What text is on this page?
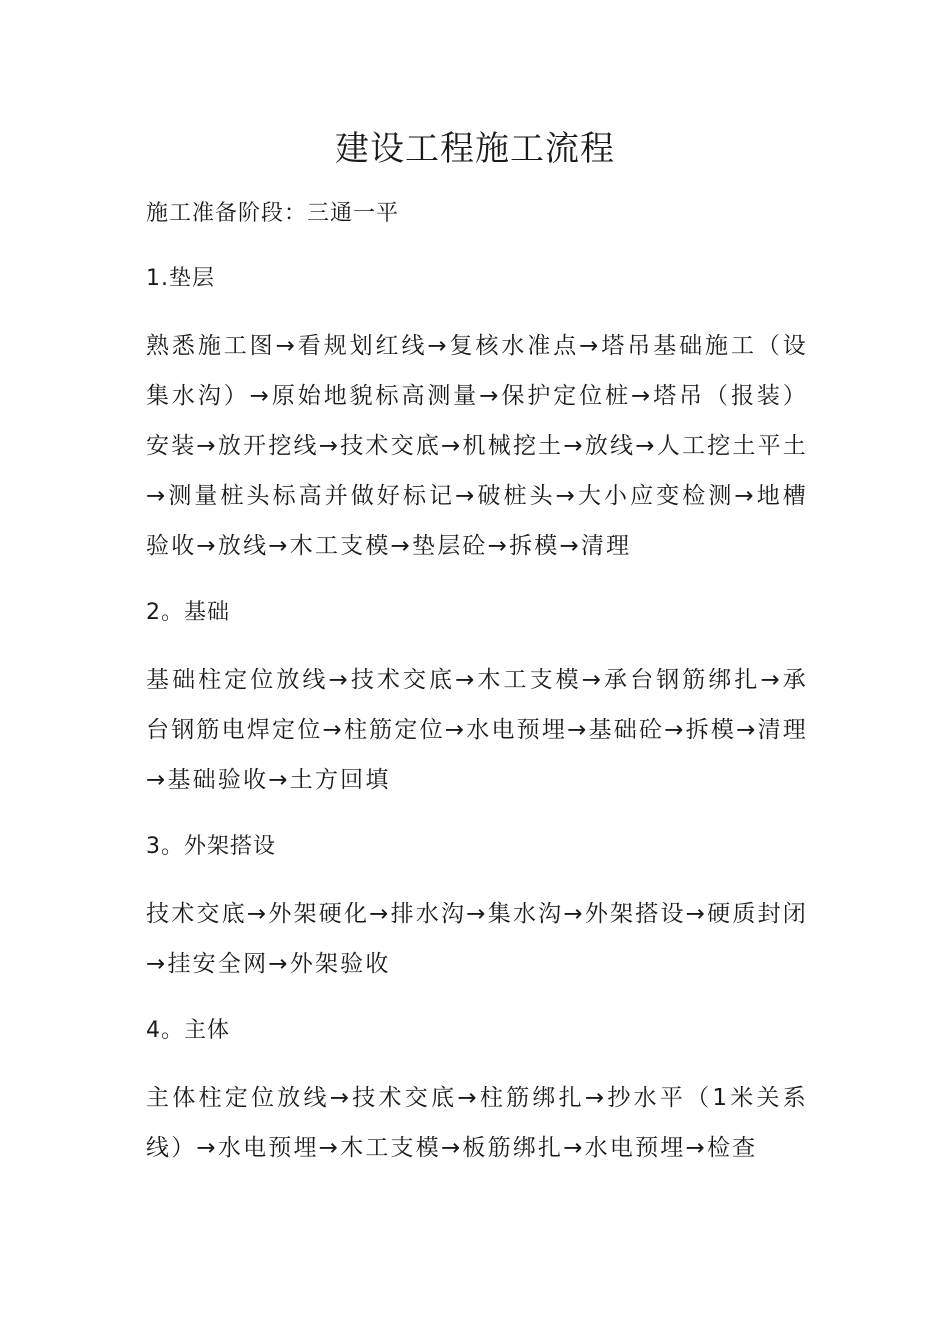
建设工程施工流程

施工准备阶段：三通一平

1.垫层

熟悉施工图→看规划红线→复核水准点→塔吊基础施工（设集水沟）→原始地貌标高测量→保护定位桩→塔吊（报装）安装→放开挖线→技术交底→机械挖土→放线→人工挖土平土→测量桩头标高并做好标记→破桩头→大小应变检测→地槽验收→放线→木工支模→垫层砼→拆模→清理

2。基础

基础柱定位放线→技术交底→木工支模→承台钢筋绑扎→承台钢筋电焊定位→柱筋定位→水电预埋→基础砼→拆模→清理→基础验收→土方回填

3。外架搭设

技术交底→外架硬化→排水沟→集水沟→外架搭设→硬质封闭→挂安全网→外架验收

4。主体

主体柱定位放线→技术交底→柱筋绑扎→抄水平（1米关系线）→水电预埋→木工支模→板筋绑扎→水电预埋→检查
